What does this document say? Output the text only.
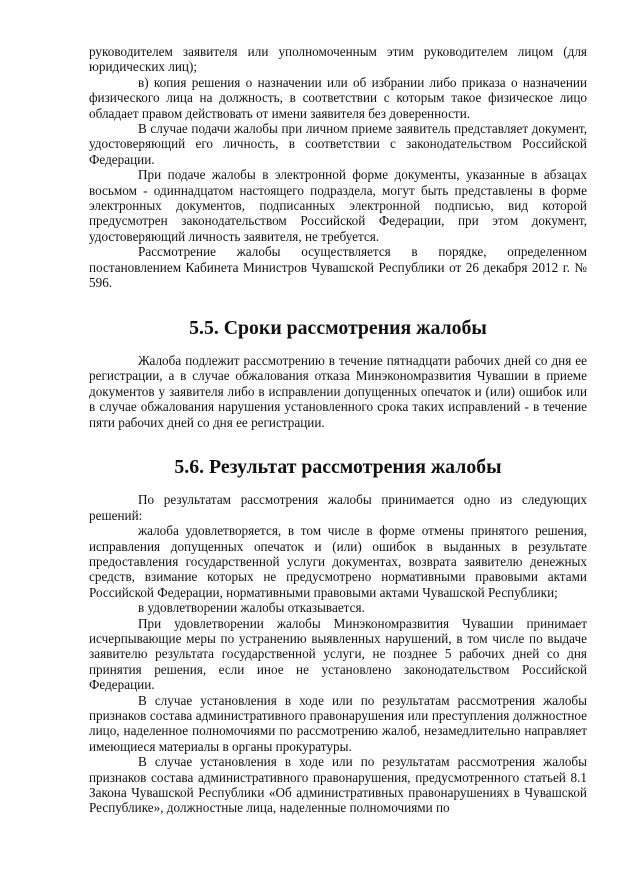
руководителем заявителя или уполномоченным этим руководителем лицом (для юридических лиц);

в) копия решения о назначении или об избрании либо приказа о назначении физического лица на должность, в соответствии с которым такое физическое лицо обладает правом действовать от имени заявителя без доверенности.

В случае подачи жалобы при личном приеме заявитель представляет документ, удостоверяющий его личность, в соответствии с законодательством Российской Федерации.

При подаче жалобы в электронной форме документы, указанные в абзацах восьмом - одиннадцатом настоящего подраздела, могут быть представлены в форме электронных документов, подписанных электронной подписью, вид которой предусмотрен законодательством Российской Федерации, при этом документ, удостоверяющий личность заявителя, не требуется.

Рассмотрение жалобы осуществляется в порядке, определенном постановлением Кабинета Министров Чувашской Республики от 26 декабря 2012 г. № 596.

5.5. Сроки рассмотрения жалобы

Жалоба подлежит рассмотрению в течение пятнадцати рабочих дней со дня ее регистрации, а в случае обжалования отказа Минэкономразвития Чувашии в приеме документов у заявителя либо в исправлении допущенных опечаток и (или) ошибок или в случае обжалования нарушения установленного срока таких исправлений - в течение пяти рабочих дней со дня ее регистрации.

5.6. Результат рассмотрения жалобы

По результатам рассмотрения жалобы принимается одно из следующих решений:

жалоба удовлетворяется, в том числе в форме отмены принятого решения, исправления допущенных опечаток и (или) ошибок в выданных в результате предоставления государственной услуги документах, возврата заявителю денежных средств, взимание которых не предусмотрено нормативными правовыми актами Российской Федерации, нормативными правовыми актами Чувашской Республики;

в удовлетворении жалобы отказывается.

При удовлетворении жалобы Минэкономразвития Чувашии принимает исчерпывающие меры по устранению выявленных нарушений, в том числе по выдаче заявителю результата государственной услуги, не позднее 5 рабочих дней со дня принятия решения, если иное не установлено законодательством Российской Федерации.

В случае установления в ходе или по результатам рассмотрения жалобы признаков состава административного правонарушения или преступления должностное лицо, наделенное полномочиями по рассмотрению жалоб, незамедлительно направляет имеющиеся материалы в органы прокуратуры.

В случае установления в ходе или по результатам рассмотрения жалобы признаков состава административного правонарушения, предусмотренного статьей 8.1 Закона Чувашской Республики «Об административных правонарушениях в Чувашской Республике», должностные лица, наделенные полномочиями по
